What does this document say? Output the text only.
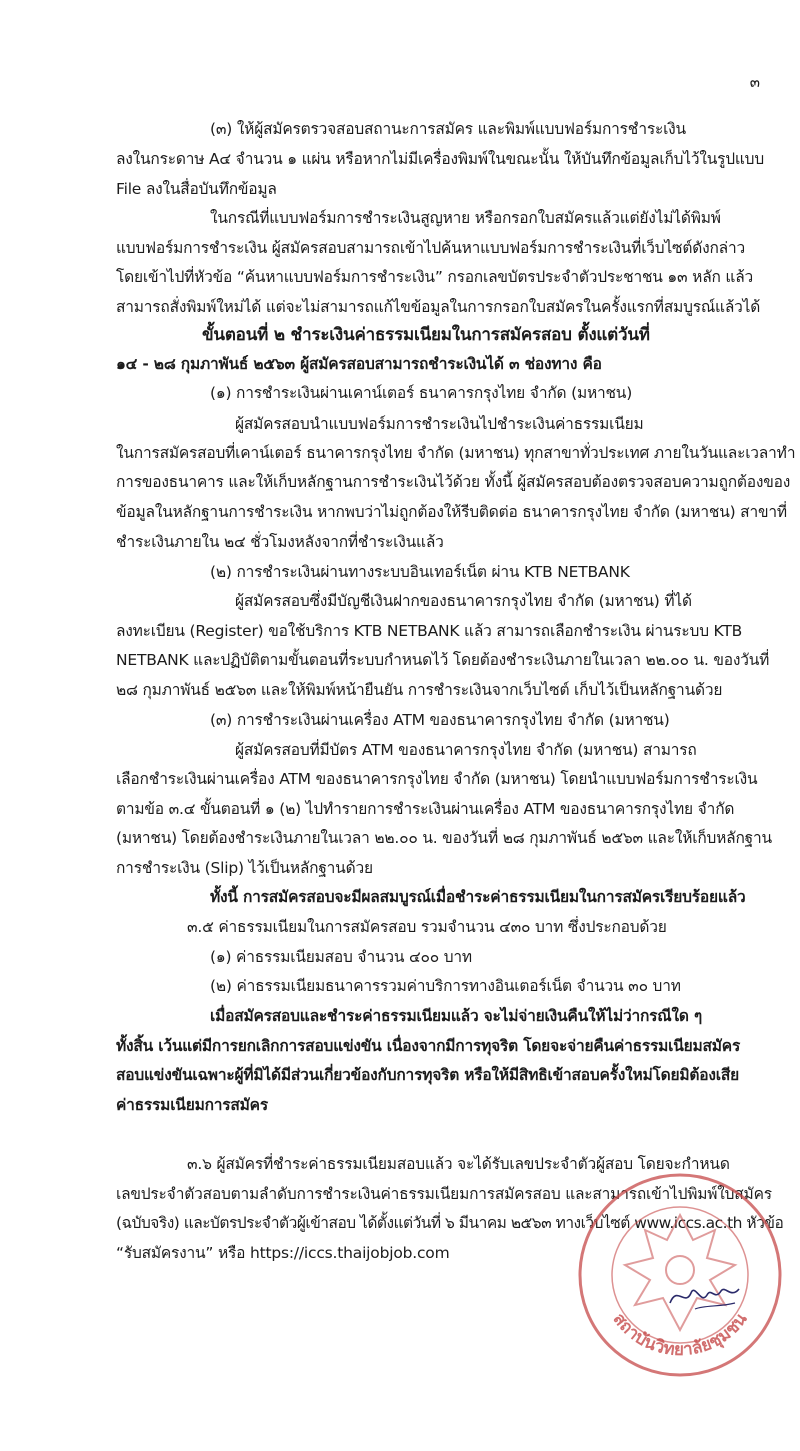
๓
(๓) ให้ผู้สมัครตรวจสอบสถานะการสมัคร และพิมพ์แบบฟอร์มการชำระเงิน
ลงในกระดาษ A๔ จำนวน ๑ แผ่น หรือหากไม่มีเครื่องพิมพ์ในขณะนั้น ให้บันทึกข้อมูลเก็บไว้ในรูปแบบ
File ลงในสื่อบันทึกข้อมูล
ในกรณีที่แบบฟอร์มการชำระเงินสูญหาย หรือกรอกใบสมัครแล้วแต่ยังไม่ได้พิมพ์
แบบฟอร์มการชำระเงิน ผู้สมัครสอบสามารถเข้าไปค้นหาแบบฟอร์มการชำระเงินที่เว็บไซต์ดังกล่าว
โดยเข้าไปที่หัวข้อ “ค้นหาแบบฟอร์มการชำระเงิน” กรอกเลขบัตรประจำตัวประชาชน ๑๓ หลัก แล้ว
สามารถสั่งพิมพ์ใหม่ได้ แต่จะไม่สามารถแก้ไขข้อมูลในการกรอกใบสมัครในครั้งแรกที่สมบูรณ์แล้วได้
ขั้นตอนที่ ๒ ชำระเงินค่าธรรมเนียมในการสมัครสอบ ตั้งแต่วันที่
๑๔ - ๒๘ กุมภาพันธ์ ๒๕๖๓ ผู้สมัครสอบสามารถชำระเงินได้ ๓ ช่องทาง คือ
(๑) การชำระเงินผ่านเคาน์เตอร์ ธนาคารกรุงไทย จำกัด (มหาชน)
ผู้สมัครสอบนำแบบฟอร์มการชำระเงินไปชำระเงินค่าธรรมเนียม
ในการสมัครสอบที่เคาน์เตอร์ ธนาคารกรุงไทย จำกัด (มหาชน) ทุกสาขาทั่วประเทศ ภายในวันและเวลาทำ
การของธนาคาร และให้เก็บหลักฐานการชำระเงินไว้ด้วย ทั้งนี้ ผู้สมัครสอบต้องตรวจสอบความถูกต้องของ
ข้อมูลในหลักฐานการชำระเงิน หากพบว่าไม่ถูกต้องให้รีบติดต่อ ธนาคารกรุงไทย จำกัด (มหาชน) สาขาที่
ชำระเงินภายใน ๒๔ ชั่วโมงหลังจากที่ชำระเงินแล้ว
(๒) การชำระเงินผ่านทางระบบอินเทอร์เน็ต ผ่าน KTB NETBANK
ผู้สมัครสอบซึ่งมีบัญชีเงินฝากของธนาคารกรุงไทย จำกัด (มหาชน) ที่ได้
ลงทะเบียน (Register) ขอใช้บริการ KTB NETBANK แล้ว สามารถเลือกชำระเงิน ผ่านระบบ KTB
NETBANK และปฏิบัติตามขั้นตอนที่ระบบกำหนดไว้ โดยต้องชำระเงินภายในเวลา ๒๒.๐๐ น. ของวันที่
๒๘ กุมภาพันธ์ ๒๕๖๓ และให้พิมพ์หน้ายืนยัน การชำระเงินจากเว็บไซต์ เก็บไว้เป็นหลักฐานด้วย
(๓) การชำระเงินผ่านเครื่อง ATM ของธนาคารกรุงไทย จำกัด (มหาชน)
ผู้สมัครสอบที่มีบัตร ATM ของธนาคารกรุงไทย จำกัด (มหาชน) สามารถ
เลือกชำระเงินผ่านเครื่อง ATM ของธนาคารกรุงไทย จำกัด (มหาชน) โดยนำแบบฟอร์มการชำระเงิน
ตามข้อ ๓.๔ ขั้นตอนที่ ๑ (๒) ไปทำรายการชำระเงินผ่านเครื่อง ATM ของธนาคารกรุงไทย จำกัด
(มหาชน) โดยต้องชำระเงินภายในเวลา ๒๒.๐๐ น. ของวันที่ ๒๘ กุมภาพันธ์ ๒๕๖๓ และให้เก็บหลักฐาน
การชำระเงิน (Slip) ไว้เป็นหลักฐานด้วย
ทั้งนี้ การสมัครสอบจะมีผลสมบูรณ์เมื่อชำระค่าธรรมเนียมในการสมัครเรียบร้อยแล้ว
๓.๕ ค่าธรรมเนียมในการสมัครสอบ รวมจำนวน ๔๓๐ บาท ซึ่งประกอบด้วย
(๑) ค่าธรรมเนียมสอบ จำนวน ๔๐๐ บาท
(๒) ค่าธรรมเนียมธนาคารรวมค่าบริการทางอินเตอร์เน็ต จำนวน ๓๐ บาท
เมื่อสมัครสอบและชำระค่าธรรมเนียมแล้ว จะไม่จ่ายเงินคืนให้ไม่ว่ากรณีใด ๆ
ทั้งสิ้น เว้นแต่มีการยกเลิกการสอบแข่งขัน เนื่องจากมีการทุจริต โดยจะจ่ายคืนค่าธรรมเนียมสมัคร
สอบแข่งขันเฉพาะผู้ที่มิได้มีส่วนเกี่ยวข้องกับการทุจริต หรือให้มีสิทธิเข้าสอบครั้งใหม่โดยมิต้องเสีย
ค่าธรรมเนียมการสมัคร
๓.๖ ผู้สมัครที่ชำระค่าธรรมเนียมสอบแล้ว จะได้รับเลขประจำตัวผู้สอบ โดยจะกำหนด
เลขประจำตัวสอบตามลำดับการชำระเงินค่าธรรมเนียมการสมัครสอบ และสามารถเข้าไปพิมพ์ใบสมัคร
(ฉบับจริง) และบัตรประจำตัวผู้เข้าสอบ ได้ตั้งแต่วันที่ ๖ มีนาคม ๒๕๖๓ ทางเว็บไซต์ www.iccs.ac.th หัวข้อ
“รับสมัครงาน” หรือ https://iccs.thaijobjob.com
สถาบันวิทยาลัยชุมชน
